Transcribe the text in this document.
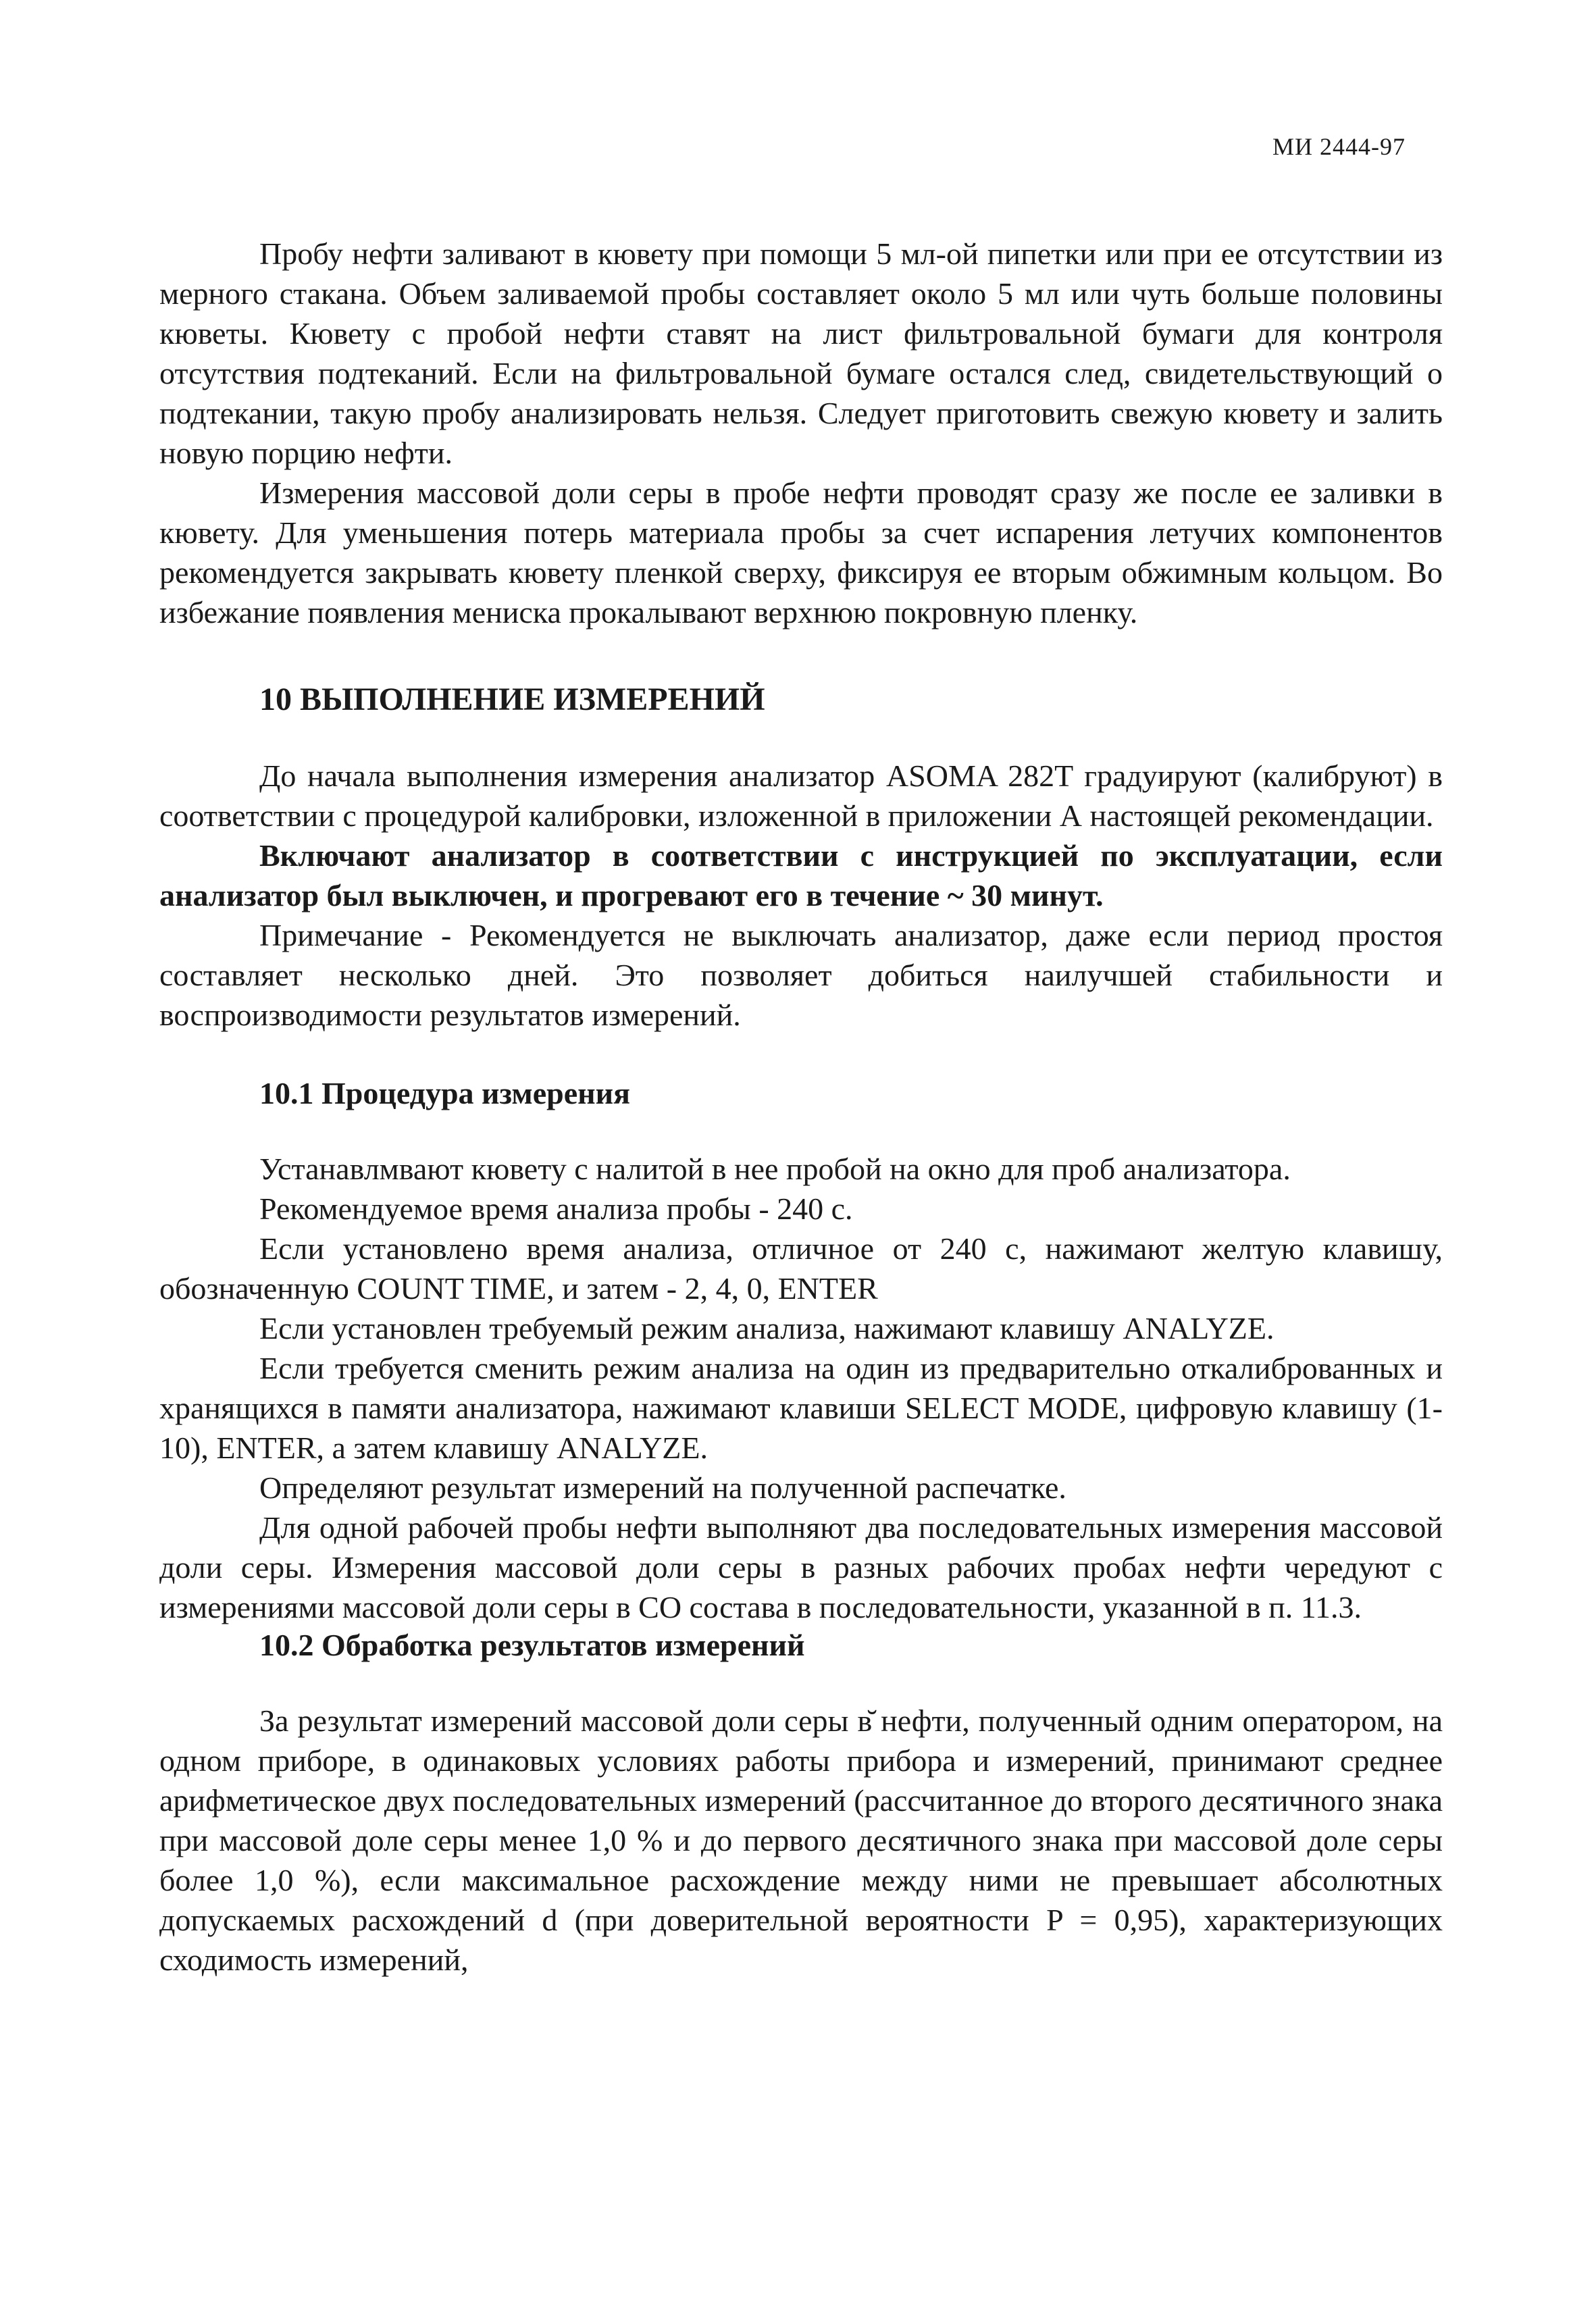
МИ 2444-97

Пробу нефти заливают в кювету при помощи 5 мл-ой пипетки или при ее отсутствии из мерного стакана. Объем заливаемой пробы составляет около 5 мл или чуть больше половины кюветы. Кювету с пробой нефти ставят на лист фильтровальной бумаги для контроля отсутствия подтеканий. Если на фильтровальной бумаге остался след, свидетельствующий о подтекании, такую пробу анализировать нельзя. Следует приготовить свежую кювету и залить новую порцию нефти.

Измерения массовой доли серы в пробе нефти проводят сразу же после ее заливки в кювету. Для уменьшения потерь материала пробы за счет испарения летучих компонентов рекомендуется закрывать кювету пленкой сверху, фиксируя ее вторым обжимным кольцом. Во избежание появления мениска прокалывают верхнюю покровную пленку.

10 ВЫПОЛНЕНИЕ ИЗМЕРЕНИЙ

До начала выполнения измерения анализатор ASOMA 282T градуируют (калибруют) в соответствии с процедурой калибровки, изложенной в приложении А настоящей рекомендации.

Включают анализатор в соответствии с инструкцией по эксплуатации, если анализатор был выключен, и прогревают его в течение ~ 30 минут.

Примечание - Рекомендуется не выключать анализатор, даже если период простоя составляет несколько дней. Это позволяет добиться наилучшей стабильности и воспроизводимости результатов измерений.

10.1 Процедура измерения

Устанавлмвают кювету с налитой в нее пробой на окно для проб анализатора.

Рекомендуемое время анализа пробы - 240 с.

Если установлено время анализа, отличное от 240 с, нажимают желтую клавишу, обозначенную COUNT TIME, и затем - 2, 4, 0, ENTER

Если установлен требуемый режим анализа, нажимают клавишу ANALYZE.

Если требуется сменить режим анализа на один из предварительно откалиброванных и хранящихся в памяти анализатора, нажимают клавиши SELECT MODE, цифровую клавишу (1-10), ENTER, а затем клавишу ANALYZE.

Определяют результат измерений на полученной распечатке.

Для одной рабочей пробы нефти выполняют два последовательных измерения массовой доли серы. Измерения массовой доли серы в разных рабочих пробах нефти чередуют с измерениями массовой доли серы в СО состава в последовательности, указанной в п. 11.3.

10.2 Обработка результатов измерений

За результат измерений массовой доли серы в̆ нефти, полученный одним оператором, на одном приборе, в одинаковых условиях работы прибора и измерений, принимают среднее арифметическое двух последовательных измерений (рассчитанное до второго десятичного знака при массовой доле серы менее 1,0 % и до первого десятичного знака при массовой доле серы более 1,0 %), если максимальное расхождение между ними не превышает абсолютных допускаемых расхождений d (при доверительной вероятности P = 0,95), характеризующих сходимость измерений,
